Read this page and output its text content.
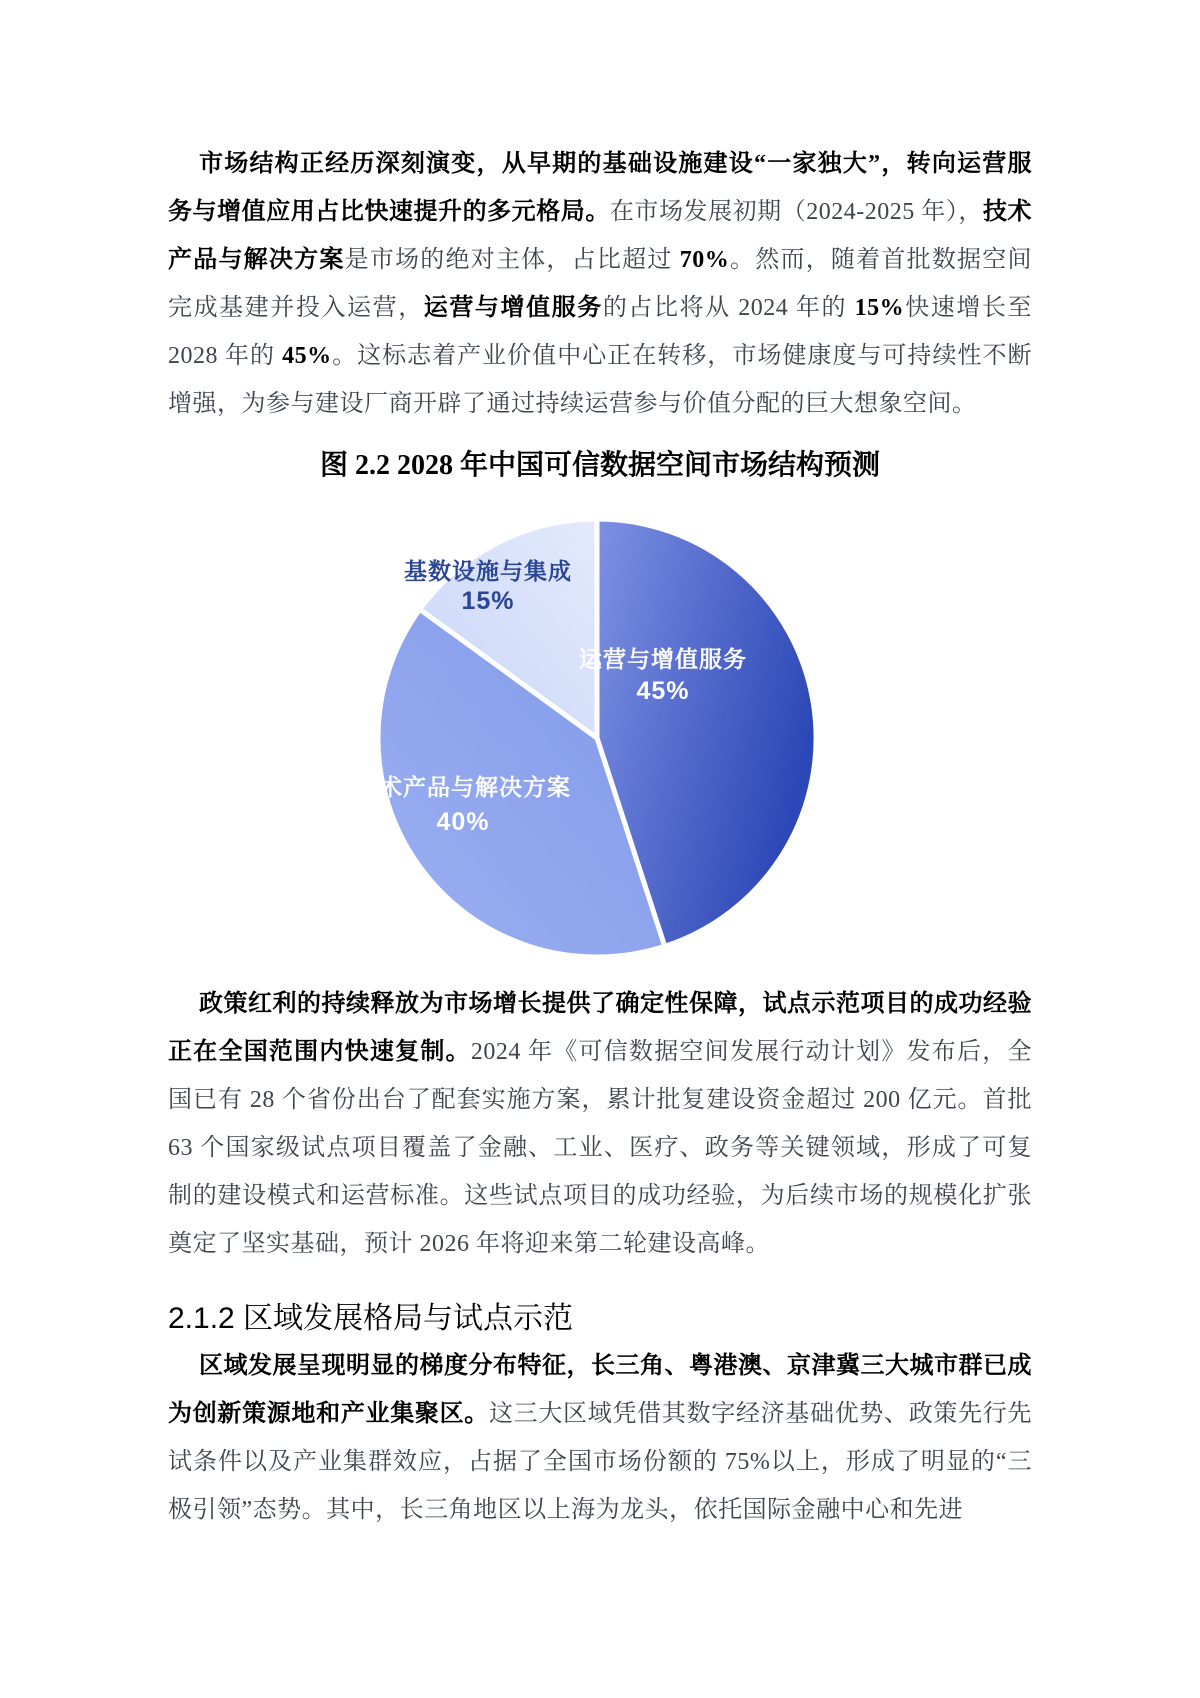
市场结构正经历深刻演变，从早期的基础设施建设“一家独大”，转向运营服务与增值应用占比快速提升的多元格局。在市场发展初期（2024-2025 年），技术产品与解决方案是市场的绝对主体，占比超过 70%。然而，随着首批数据空间完成基建并投入运营，运营与增值服务的占比将从 2024 年的 15%快速增长至 2028 年的 45%。这标志着产业价值中心正在转移，市场健康度与可持续性不断增强，为参与建设厂商开辟了通过持续运营参与价值分配的巨大想象空间。

图 2.2 2028 年中国可信数据空间市场结构预测

运营与增值服务
45%
技术产品与解决方案
40%
基数设施与集成
15%

政策红利的持续释放为市场增长提供了确定性保障，试点示范项目的成功经验正在全国范围内快速复制。2024 年《可信数据空间发展行动计划》发布后，全国已有 28 个省份出台了配套实施方案，累计批复建设资金超过 200 亿元。首批 63 个国家级试点项目覆盖了金融、工业、医疗、政务等关键领域，形成了可复制的建设模式和运营标准。这些试点项目的成功经验，为后续市场的规模化扩张奠定了坚实基础，预计 2026 年将迎来第二轮建设高峰。

2.1.2 区域发展格局与试点示范

区域发展呈现明显的梯度分布特征，长三角、粤港澳、京津冀三大城市群已成为创新策源地和产业集聚区。这三大区域凭借其数字经济基础优势、政策先行先试条件以及产业集群效应，占据了全国市场份额的 75%以上，形成了明显的“三极引领”态势。其中，长三角地区以上海为龙头，依托国际金融中心和先进
